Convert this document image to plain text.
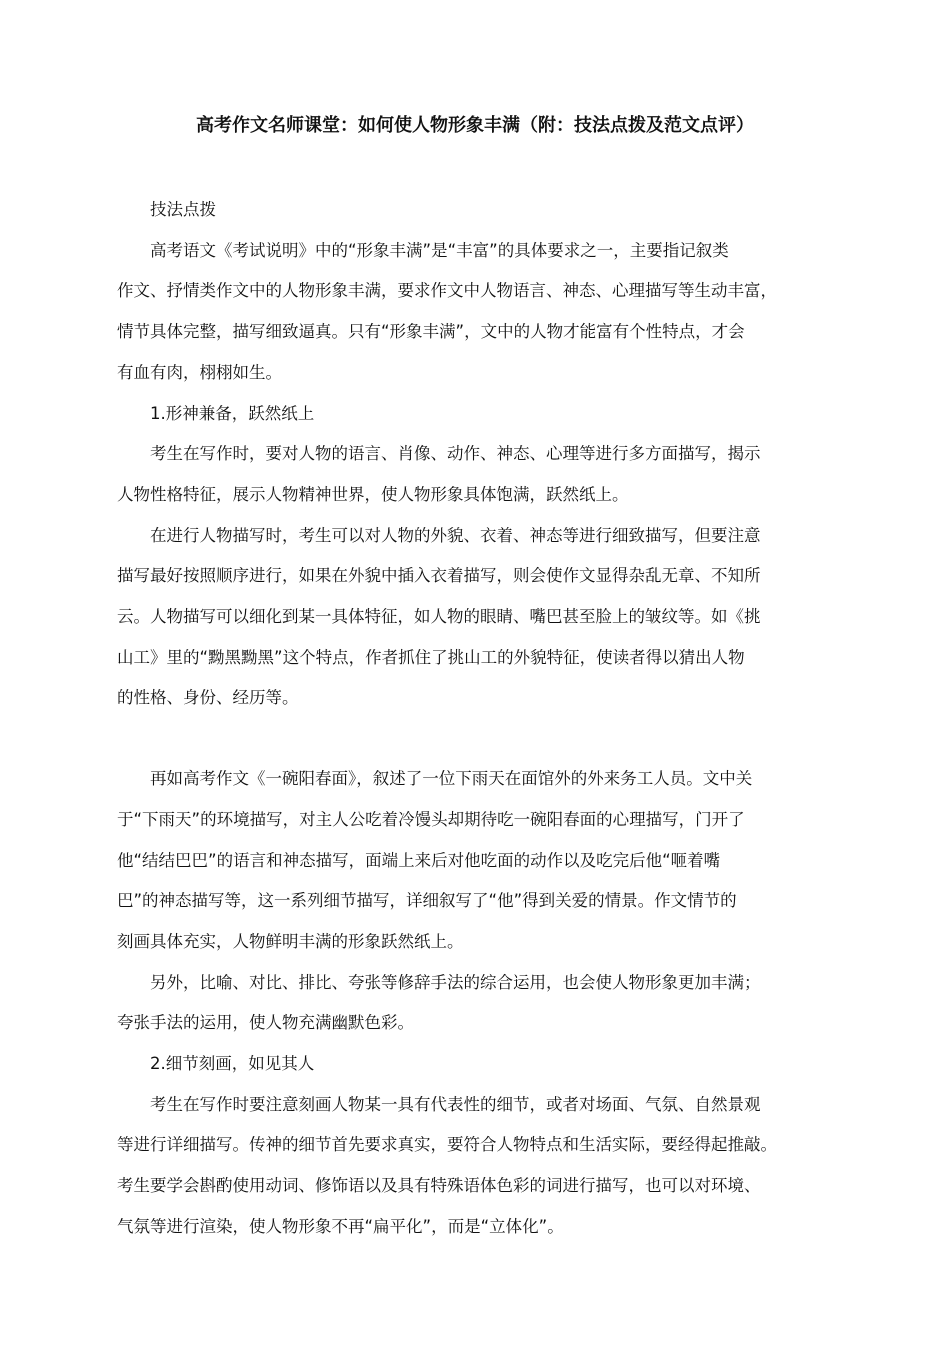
高考作文名师课堂：如何使人物形象丰满（附：技法点拨及范文点评）

技法点拨

高考语文《考试说明》中的“形象丰满”是“丰富”的具体要求之一，主要指记叙类
作文、抒情类作文中的人物形象丰满，要求作文中人物语言、神态、心理描写等生动丰富，
情节具体完整，描写细致逼真。只有“形象丰满”，文中的人物才能富有个性特点，才会
有血有肉，栩栩如生。

1.形神兼备，跃然纸上

考生在写作时，要对人物的语言、肖像、动作、神态、心理等进行多方面描写，揭示
人物性格特征，展示人物精神世界，使人物形象具体饱满，跃然纸上。

在进行人物描写时，考生可以对人物的外貌、衣着、神态等进行细致描写，但要注意
描写最好按照顺序进行，如果在外貌中插入衣着描写，则会使作文显得杂乱无章、不知所
云。人物描写可以细化到某一具体特征，如人物的眼睛、嘴巴甚至脸上的皱纹等。如《挑
山工》里的“黝黑黝黑”这个特点，作者抓住了挑山工的外貌特征，使读者得以猜出人物
的性格、身份、经历等。

再如高考作文《一碗阳春面》，叙述了一位下雨天在面馆外的外来务工人员。文中关
于“下雨天”的环境描写，对主人公吃着冷馒头却期待吃一碗阳春面的心理描写，门开了
他“结结巴巴”的语言和神态描写，面端上来后对他吃面的动作以及吃完后他“咂着嘴
巴”的神态描写等，这一系列细节描写，详细叙写了“他”得到关爱的情景。作文情节的
刻画具体充实，人物鲜明丰满的形象跃然纸上。

另外，比喻、对比、排比、夸张等修辞手法的综合运用，也会使人物形象更加丰满；
夸张手法的运用，使人物充满幽默色彩。

2.细节刻画，如见其人

考生在写作时要注意刻画人物某一具有代表性的细节，或者对场面、气氛、自然景观
等进行详细描写。传神的细节首先要求真实，要符合人物特点和生活实际，要经得起推敲。
考生要学会斟酌使用动词、修饰语以及具有特殊语体色彩的词进行描写，也可以对环境、
气氛等进行渲染，使人物形象不再“扁平化”，而是“立体化”。
